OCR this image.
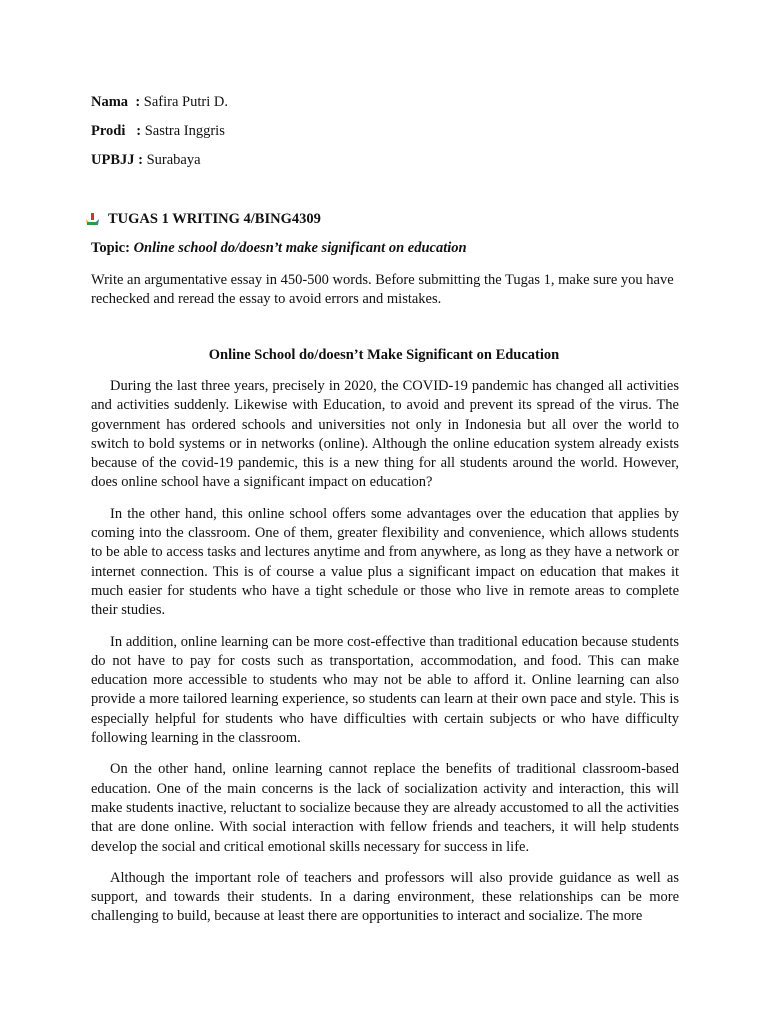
Nama : Safira Putri D.
Prodi : Sastra Inggris
UPBJJ : Surabaya
TUGAS 1 WRITING 4/BING4309
Topic: Online school do/doesn’t make significant on education
Write an argumentative essay in 450-500 words. Before submitting the Tugas 1, make sure you have rechecked and reread the essay to avoid errors and mistakes.
Online School do/doesn’t Make Significant on Education

During the last three years, precisely in 2020, the COVID-19 pandemic has changed all activities and activities suddenly. Likewise with Education, to avoid and prevent its spread of the virus. The government has ordered schools and universities not only in Indonesia but all over the world to switch to bold systems or in networks (online). Although the online education system already exists because of the covid-19 pandemic, this is a new thing for all students around the world. However, does online school have a significant impact on education?

In the other hand, this online school offers some advantages over the education that applies by coming into the classroom. One of them, greater flexibility and convenience, which allows students to be able to access tasks and lectures anytime and from anywhere, as long as they have a network or internet connection. This is of course a value plus a significant impact on education that makes it much easier for students who have a tight schedule or those who live in remote areas to complete their studies.

In addition, online learning can be more cost-effective than traditional education because students do not have to pay for costs such as transportation, accommodation, and food. This can make education more accessible to students who may not be able to afford it. Online learning can also provide a more tailored learning experience, so students can learn at their own pace and style. This is especially helpful for students who have difficulties with certain subjects or who have difficulty following learning in the classroom.

On the other hand, online learning cannot replace the benefits of traditional classroom-based education. One of the main concerns is the lack of socialization activity and interaction, this will make students inactive, reluctant to socialize because they are already accustomed to all the activities that are done online. With social interaction with fellow friends and teachers, it will help students develop the social and critical emotional skills necessary for success in life.

Although the important role of teachers and professors will also provide guidance as well as support, and towards their students. In a daring environment, these relationships can be more challenging to build, because at least there are opportunities to interact and socialize. The more
